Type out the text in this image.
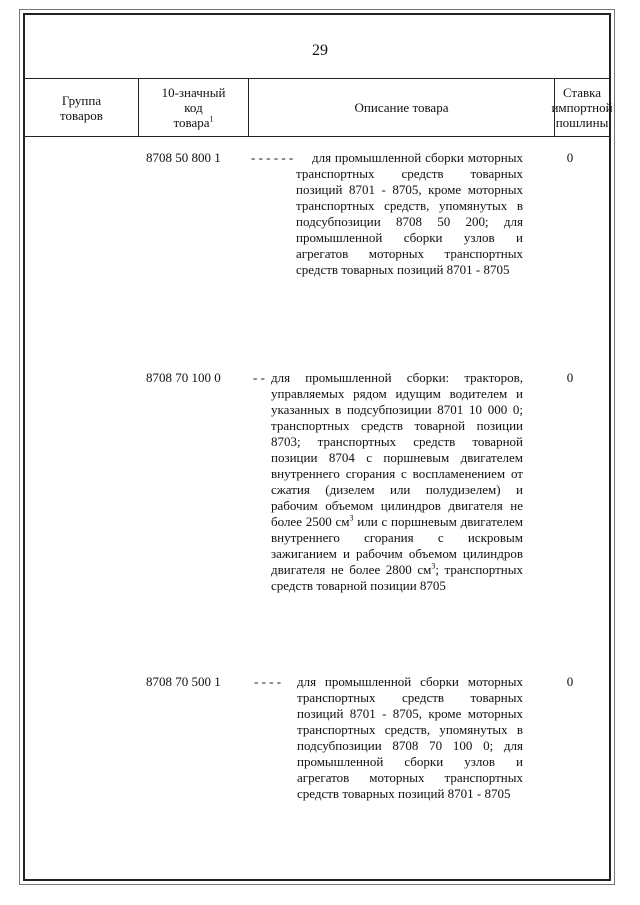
29
Группа
товаров
10-значный
код
товара$^1$
Описание товара
Ставка
импортной
пошлины
8708 50 800 1 - - - - - -	для промышленной сборки моторных транспортных средств товарных позиций 8701 - 8705, кроме моторных транспортных средств, упомянутых в подсубпозиции 8708 50 200; для промышленной сборки узлов и агрегатов моторных транспортных средств товарных позиций 8701 - 8705

0
8708 70 100 0 - - для промышленной сборки: тракторов, управляемых рядом идущим водителем и указанных в подсубпозиции 8701 10 000 0; транспортных средств товарной позиции 8703; транспортных средств товарной позиции 8704 с поршневым двигателем внутреннего сгорания с воспламенением от сжатия (дизелем или полудизелем) и рабочим объемом цилиндров двигателя не более 2500 $см^3$ или с поршневым двигателем внутреннего сгорания с искровым зажиганием и рабочим объемом цилиндров двигателя не более 2800 $см^3$; транспортных средств товарной позиции 8705

0
8708 70 500 1	- - - - для промышленной сборки моторных транспортных средств товарных позиций 8701 - 8705, кроме моторных транспортных средств, упомянутых в подсубпозиции 8708 70 100 0; для промышленной сборки узлов и агрегатов моторных транспортных средств товарных позиций 8701 - 8705

0
